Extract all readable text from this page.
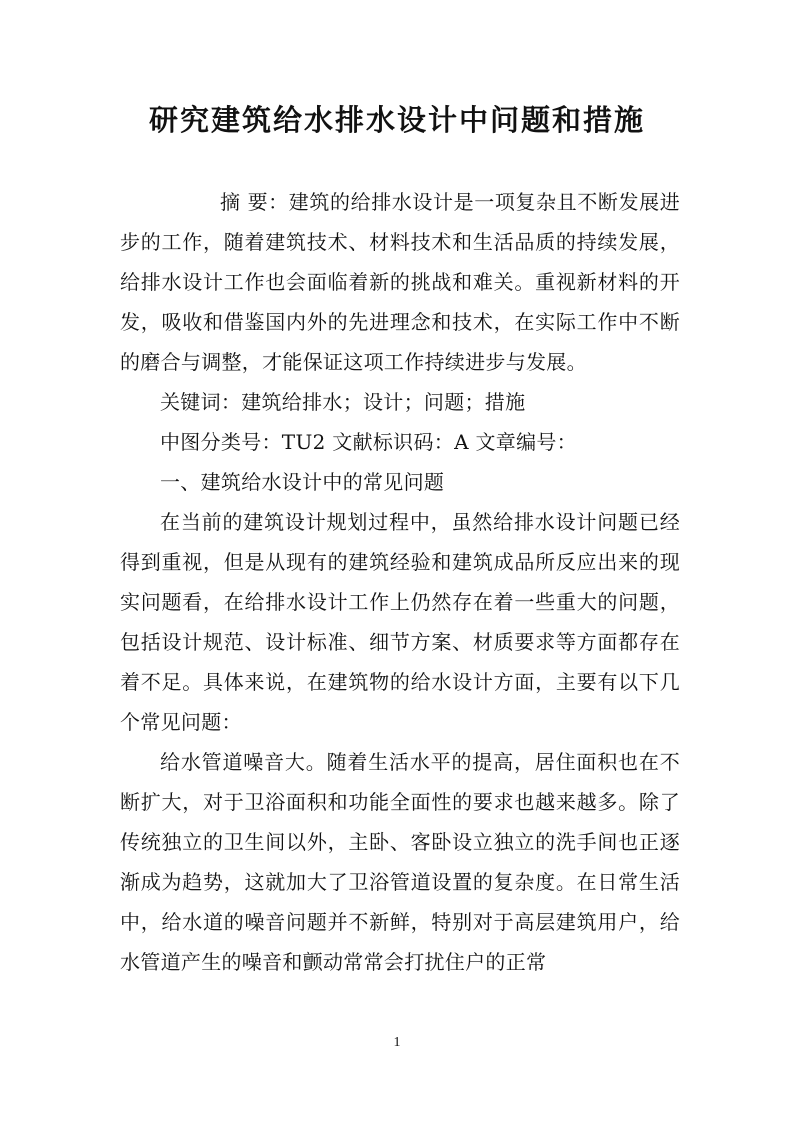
研究建筑给水排水设计中问题和措施

摘 要：建筑的给排水设计是一项复杂且不断发展进步的工作，随着建筑技术、材料技术和生活品质的持续发展，给排水设计工作也会面临着新的挑战和难关。重视新材料的开发，吸收和借鉴国内外的先进理念和技术，在实际工作中不断的磨合与调整，才能保证这项工作持续进步与发展。

关键词：建筑给排水；设计；问题；措施

中图分类号：TU2 文献标识码：A 文章编号：

一、建筑给水设计中的常见问题

在当前的建筑设计规划过程中，虽然给排水设计问题已经得到重视，但是从现有的建筑经验和建筑成品所反应出来的现实问题看，在给排水设计工作上仍然存在着一些重大的问题，包括设计规范、设计标准、细节方案、材质要求等方面都存在着不足。具体来说，在建筑物的给水设计方面，主要有以下几个常见问题：

给水管道噪音大。随着生活水平的提高，居住面积也在不断扩大，对于卫浴面积和功能全面性的要求也越来越多。除了传统独立的卫生间以外，主卧、客卧设立独立的洗手间也正逐渐成为趋势，这就加大了卫浴管道设置的复杂度。在日常生活中，给水道的噪音问题并不新鲜，特别对于高层建筑用户，给水管道产生的噪音和颤动常常会打扰住户的正常

1
